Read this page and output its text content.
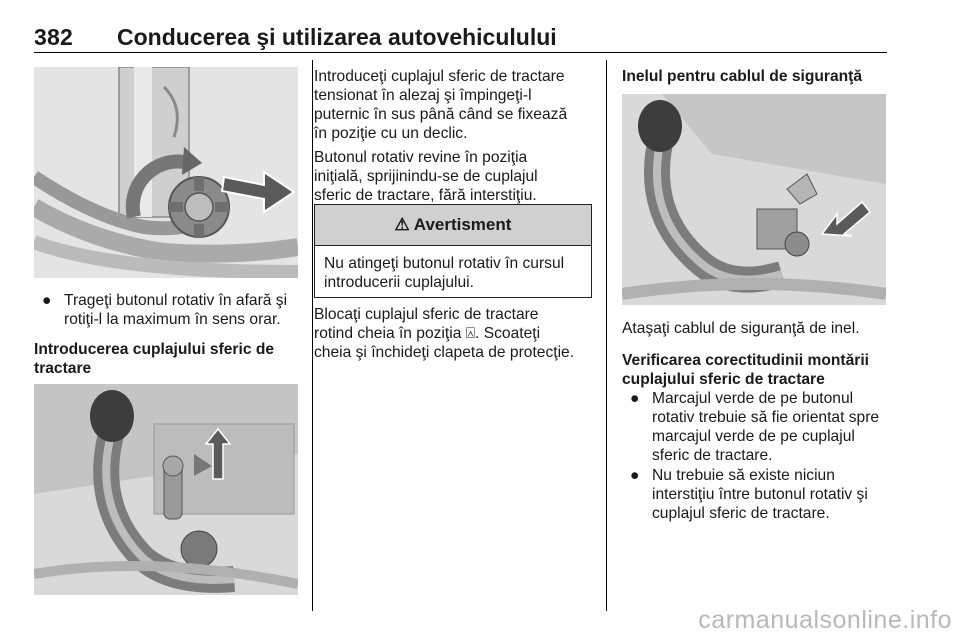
382 Conducerea şi utilizarea autovehiculului
● Trageţi butonul rotativ în afară şi
rotiţi-l la maximum în sens orar.
Introducerea cuplajului sferic de
tractare
Introduceţi cuplajul sferic de tractare
tensionat în alezaj şi împingeţi-l
puternic în sus până când se fixează
în poziţie cu un declic.
Butonul rotativ revine în poziţia
iniţială, sprijinindu-se de cuplajul
sferic de tractare, fără interstiţiu.
⚠ Avertisment
Nu atingeţi butonul rotativ în cursul
introducerii cuplajului.
Blocaţi cuplajul sferic de tractare
rotind cheia în poziţia ⍓. Scoateţi
cheia şi închideţi clapeta de protecţie.
Inelul pentru cablul de siguranţă
Ataşaţi cablul de siguranţă de inel.
Verificarea corectitudinii montării
cuplajului sferic de tractare
● Marcajul verde de pe butonul
rotativ trebuie să fie orientat spre
marcajul verde de pe cuplajul
sferic de tractare.
● Nu trebuie să existe niciun
interstiţiu între butonul rotativ şi
cuplajul sferic de tractare.
carmanualsonline.info
